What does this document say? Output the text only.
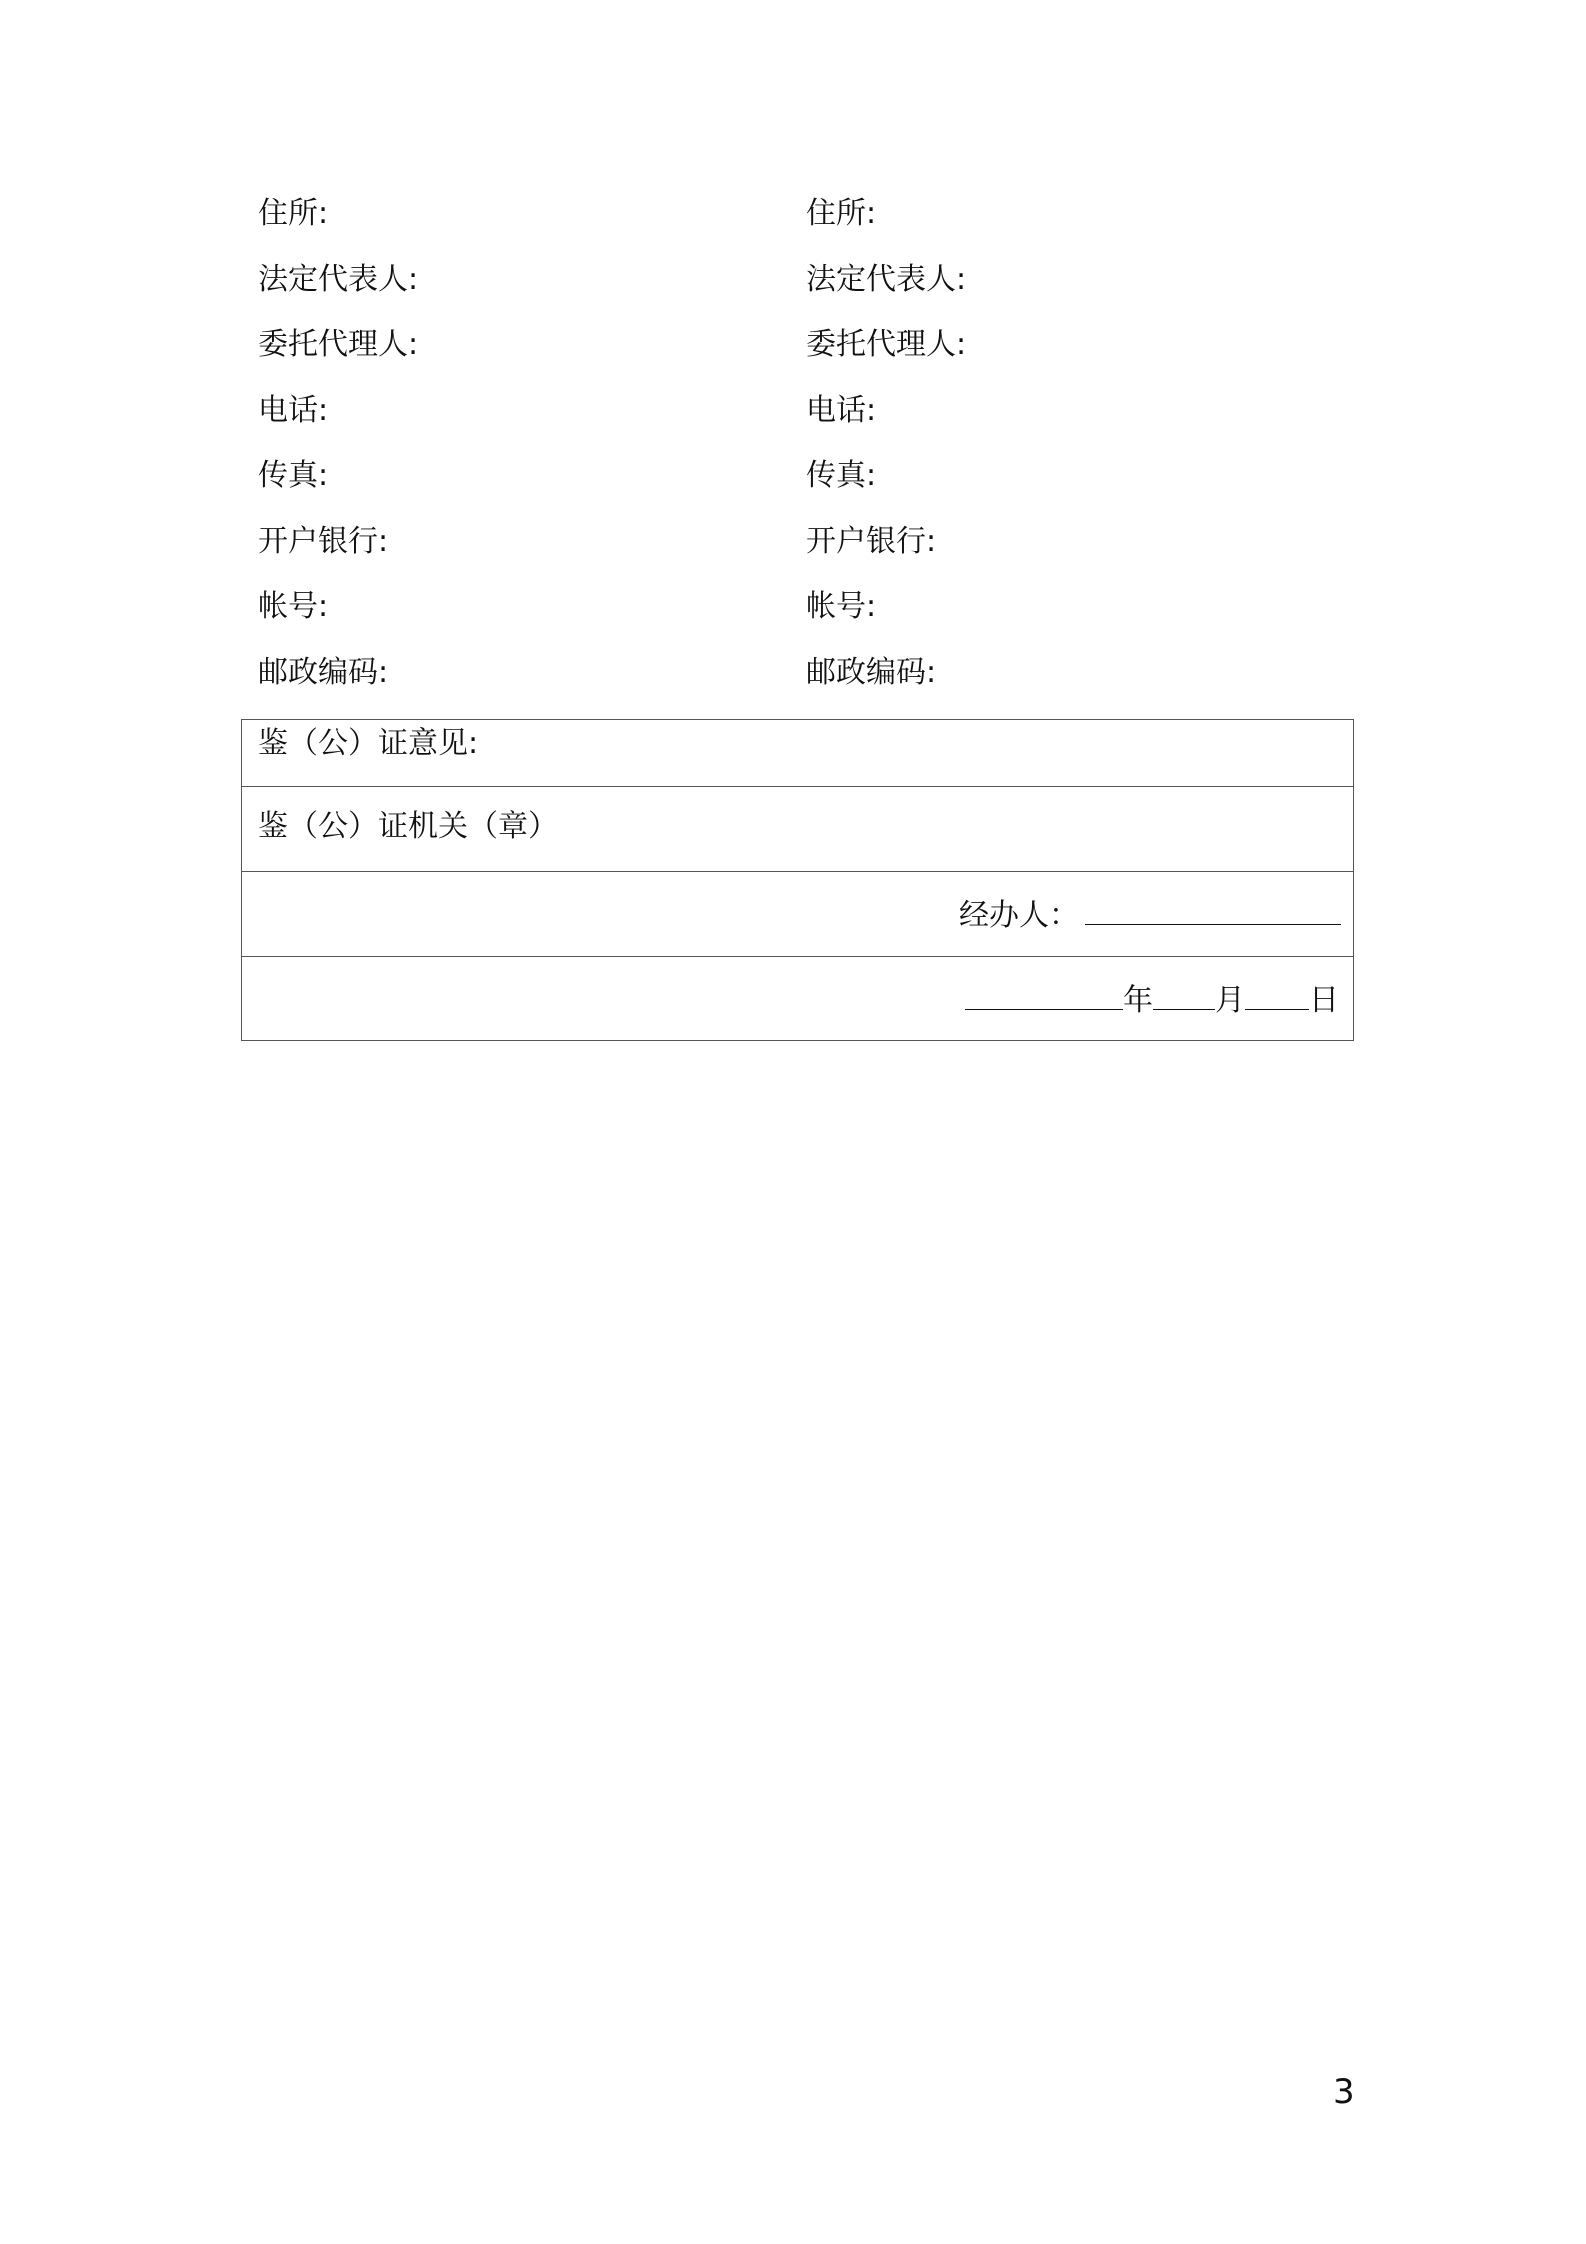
住所:
法定代表人:
委托代理人:
电话:
传真:
开户银行:
帐号:
邮政编码:
住所:
法定代表人:
委托代理人:
电话:
传真:
开户银行:
帐号:
邮政编码:
鉴（公）证意见:
鉴（公）证机关（章）
经办人：
年 月 日
3
